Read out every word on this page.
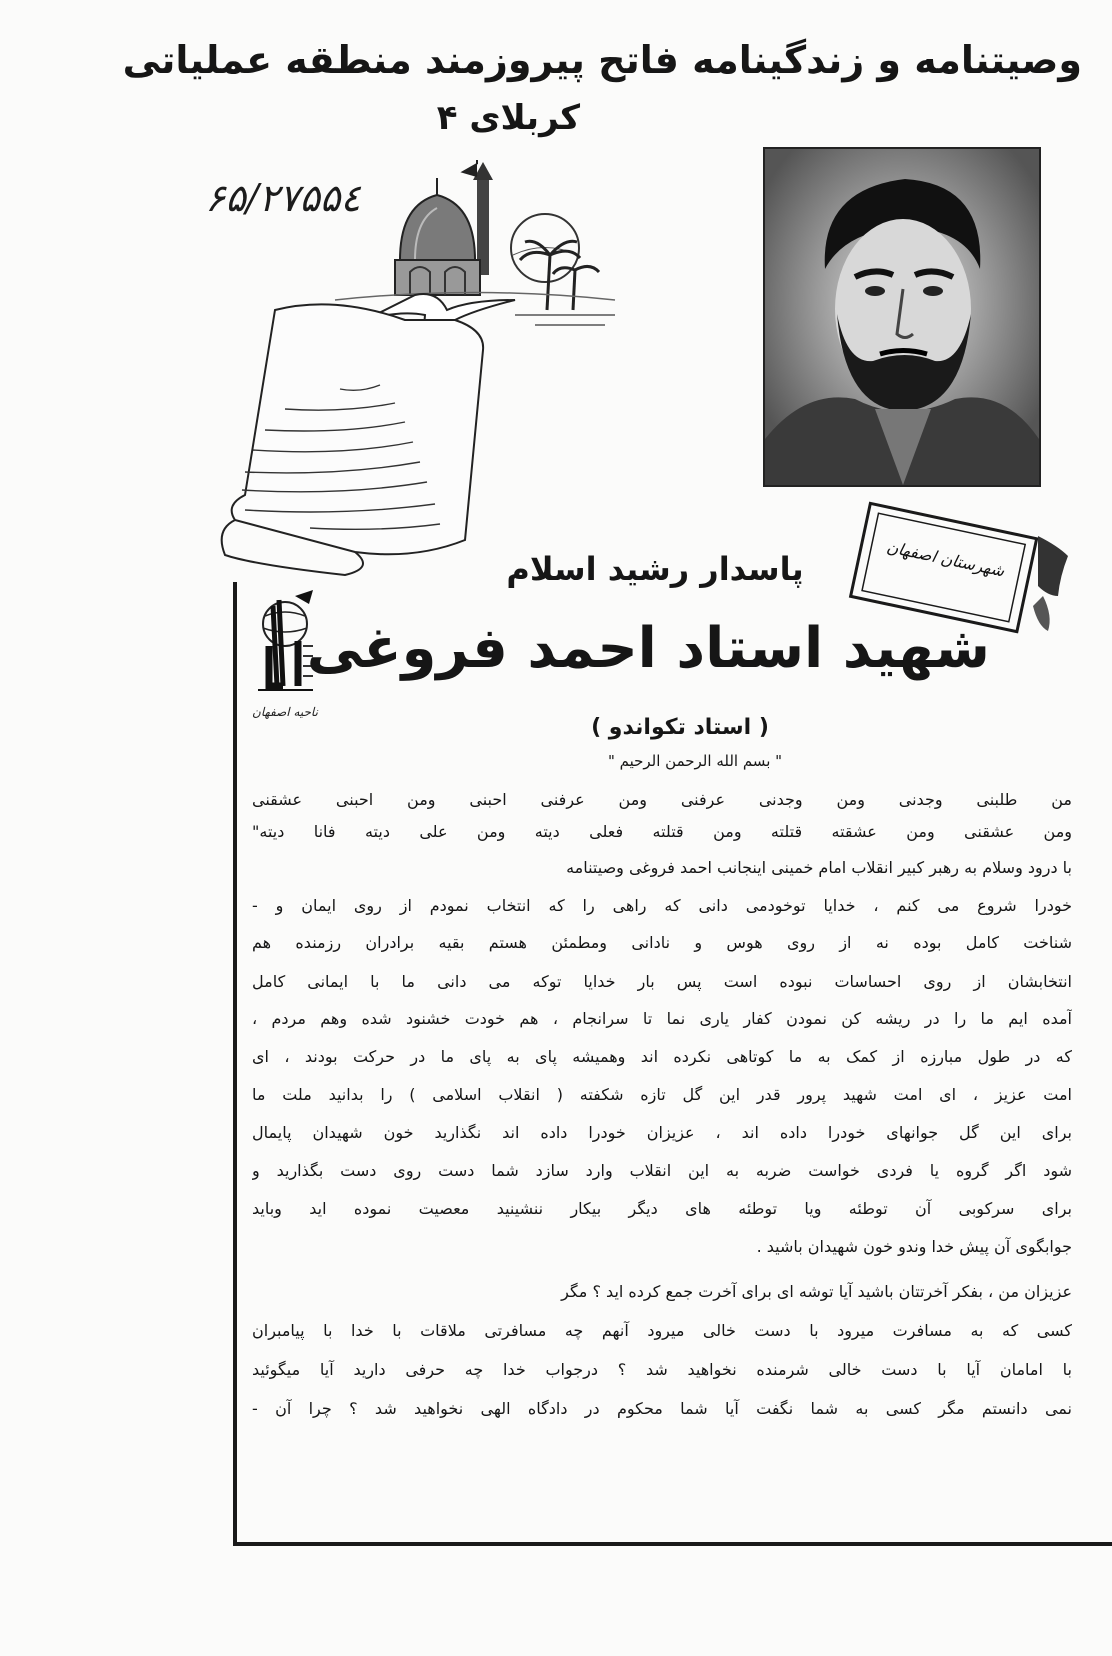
وصیتنامه و زندگینامه فاتح پیروزمند منطقه عملیاتی
کربلای ۴
۶۵/۲۷۵۵٤
شهرستان اصفهان
من طلبنی وجدنی ومن وجدنی عرفنی ومن عرفنی احبنی ومن احبنی عشقنی
ومن عشقنی ومن عشقته قتلته ومن قتلته فعلی دیته ومن علی دیته فانا دیته"
با درود وسلام به رهبر کبیر انقلاب امام خمینی اینجانب احمد فروغی وصیتنامه
خودرا شروع می کنم ، خدایا توخودمی دانی که راهی را که انتخاب نمودم از روی ایمان و -
شناخت کامل بوده نه از روی هوس و نادانی ومطمئن هستم بقیه برادران رزمنده هم
انتخابشان از روی احساسات نبوده است پس بار خدایا توکه می دانی ما با ایمانی کامل
آمده ایم ما را در ریشه کن نمودن کفار یاری نما تا سرانجام ، هم خودت خشنود شده وهم مردم ،
که در طول مبارزه از کمک به ما کوتاهی نکرده اند وهمیشه پای به پای ما در حرکت بودند ، ای
امت عزیز ، ای امت شهید پرور قدر این گل تازه شکفته ( انقلاب اسلامی ) را بدانید ملت ما
برای این گل جوانهای خودرا داده اند ، عزیزان خودرا داده اند نگذارید خون شهیدان پایمال
شود اگر گروه یا فردی خواست ضربه به این انقلاب وارد سازد شما دست روی دست بگذارید و
برای سرکوبی آن توطئه ویا توطئه های دیگر بیکار ننشینید معصیت نموده اید وباید
جوابگوی آن پیش خدا وندو خون شهیدان باشید .
عزیزان من ، بفکر آخرتتان باشید آیا توشه ای برای آخرت جمع کرده اید ؟ مگر
کسی که به مسافرت میرود با دست خالی میرود آنهم چه مسافرتی ملاقات با خدا با پیامبران
با امامان آیا با دست خالی شرمنده نخواهید شد ؟ درجواب خدا چه حرفی دارید آیا میگوئید
نمی دانستم مگر کسی به شما نگفت آیا شما محکوم در دادگاه الهی نخواهید شد ؟ چرا آن -
ناحیه اصفهان
پاسدار رشید اسلام
شهید استاد احمد فروغی
( استاد تکواندو )
" بسم الله الرحمن الرحیم "
